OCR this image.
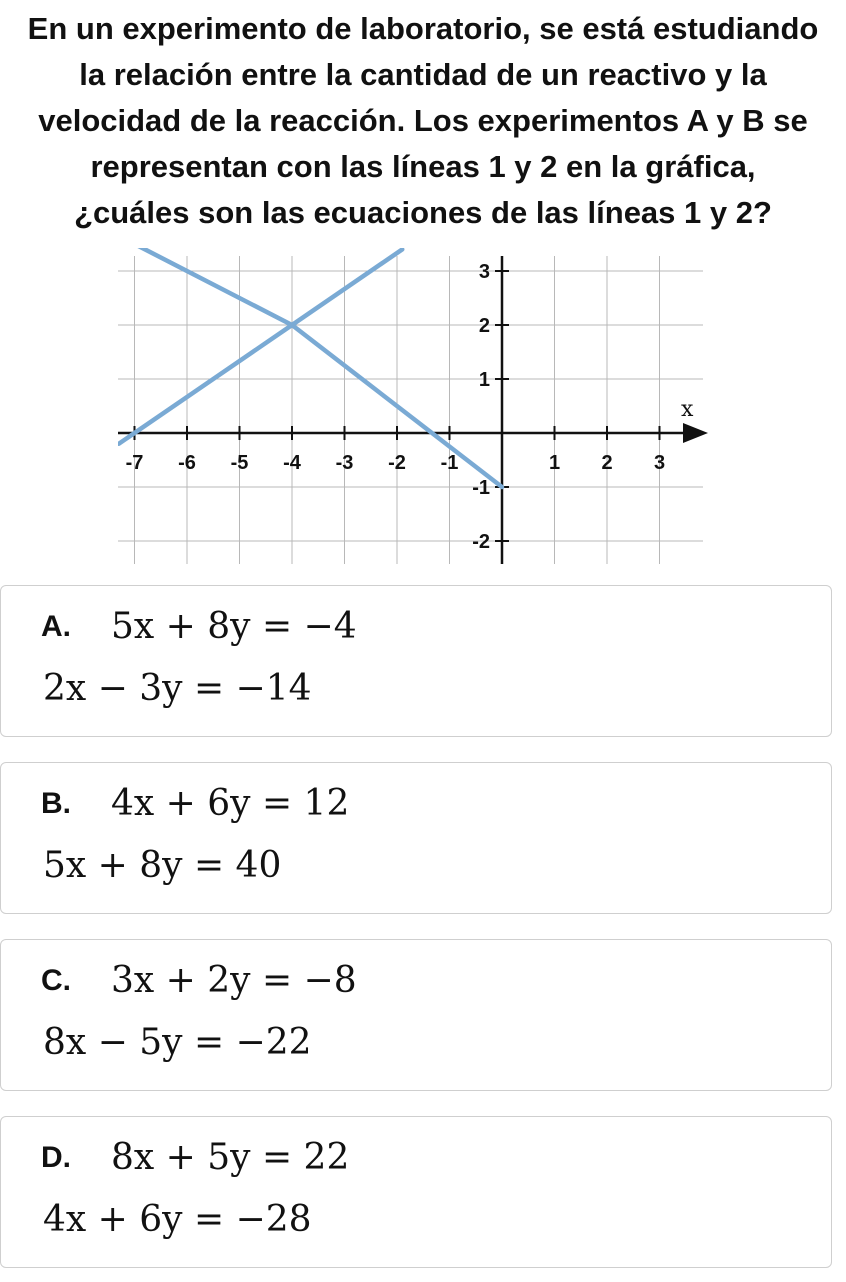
En un experimento de laboratorio, se está estudiando
la relación entre la cantidad de un reactivo y la
velocidad de la reacción. Los experimentos A y B se
representan con las líneas 1 y 2 en la gráfica,
¿cuáles son las ecuaciones de las líneas 1 y 2?
x
-7 -6 -5 -4 -3 -2 -1	1 2 3
3
2
1
-1
-2
A. 5x + 8y = −4
2x − 3y = −14
B. 4x + 6y = 12
5x + 8y = 40
C. 3x + 2y = −8
8x − 5y = −22
D. 8x + 5y = 22
4x + 6y = −28
